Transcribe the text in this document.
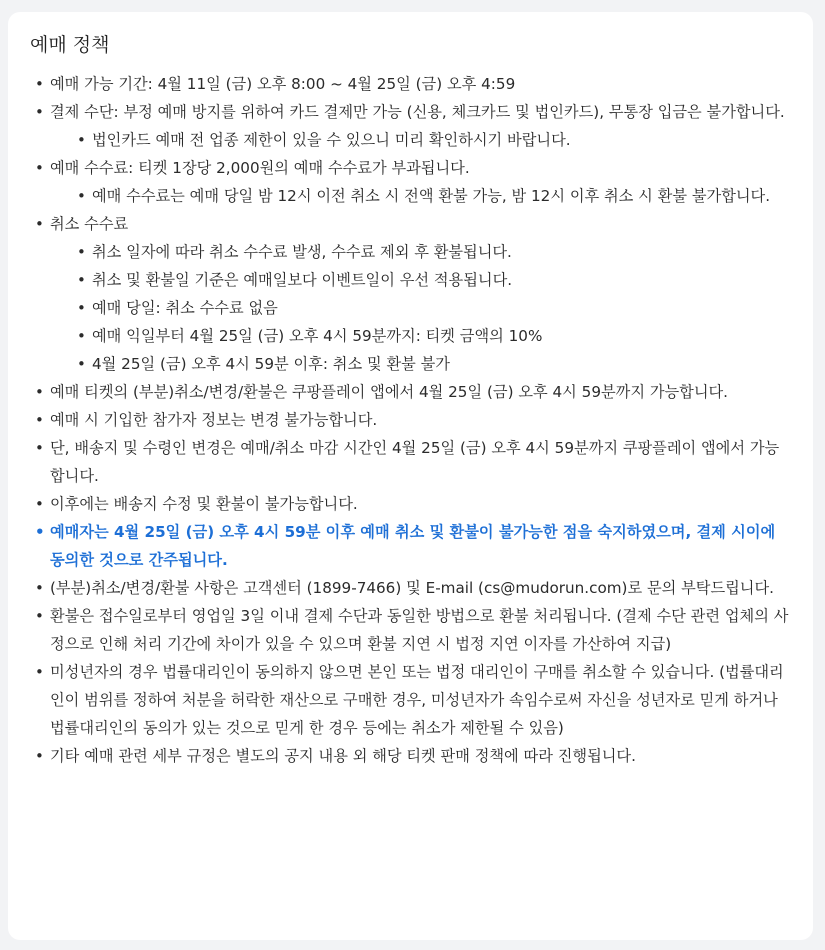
예매 정책
• 예매 가능 기간: 4월 11일 (금) 오후 8:00 ~ 4월 25일 (금) 오후 4:59
• 결제 수단: 부정 예매 방지를 위하여 카드 결제만 가능 (신용, 체크카드 및 법인카드), 무통장 입금은 불가합니다.
• 법인카드 예매 전 업종 제한이 있을 수 있으니 미리 확인하시기 바랍니다.
• 예매 수수료: 티켓 1장당 2,000원의 예매 수수료가 부과됩니다.
• 예매 수수료는 예매 당일 밤 12시 이전 취소 시 전액 환불 가능, 밤 12시 이후 취소 시 환불 불가합니다.
• 취소 수수료
• 취소 일자에 따라 취소 수수료 발생, 수수료 제외 후 환불됩니다.
• 취소 및 환불일 기준은 예매일보다 이벤트일이 우선 적용됩니다.
• 예매 당일: 취소 수수료 없음
• 예매 익일부터 4월 25일 (금) 오후 4시 59분까지: 티켓 금액의 10%
• 4월 25일 (금) 오후 4시 59분 이후: 취소 및 환불 불가
• 예매 티켓의 (부분)취소/변경/환불은 쿠팡플레이 앱에서 4월 25일 (금) 오후 4시 59분까지 가능합니다.
• 예매 시 기입한 참가자 정보는 변경 불가능합니다.
• 단, 배송지 및 수령인 변경은 예매/취소 마감 시간인 4월 25일 (금) 오후 4시 59분까지 쿠팡플레이 앱에서 가능합니다.
• 이후에는 배송지 수정 및 환불이 불가능합니다.
• 예매자는 4월 25일 (금) 오후 4시 59분 이후 예매 취소 및 환불이 불가능한 점을 숙지하였으며, 결제 시이에 동의한 것으로 간주됩니다.
• (부분)취소/변경/환불 사항은 고객센터 (1899-7466) 및 E-mail (cs@mudorun.com)로 문의 부탁드립니다.
• 환불은 접수일로부터 영업일 3일 이내 결제 수단과 동일한 방법으로 환불 처리됩니다. (결제 수단 관련 업체의 사정으로 인해 처리 기간에 차이가 있을 수 있으며 환불 지연 시 법정 지연 이자를 가산하여 지급)
• 미성년자의 경우 법률대리인이 동의하지 않으면 본인 또는 법정 대리인이 구매를 취소할 수 있습니다. (법률대리인이 범위를 정하여 처분을 허락한 재산으로 구매한 경우, 미성년자가 속임수로써 자신을 성년자로 믿게 하거나 법률대리인의 동의가 있는 것으로 믿게 한 경우 등에는 취소가 제한될 수 있음)
• 기타 예매 관련 세부 규정은 별도의 공지 내용 외 해당 티켓 판매 정책에 따라 진행됩니다.
